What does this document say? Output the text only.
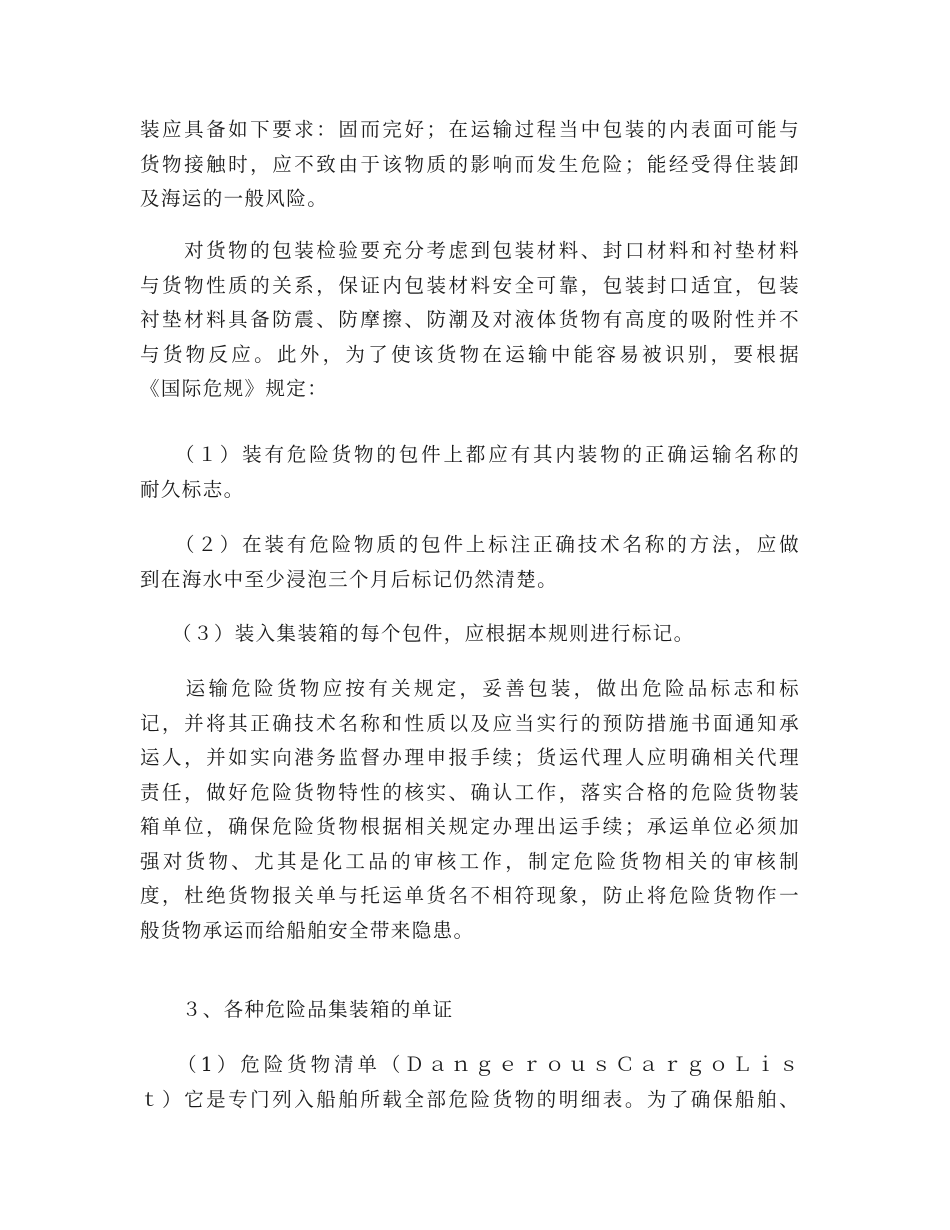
装应具备如下要求：固而完好；在运输过程当中包装的内表面可能与
货物接触时，应不致由于该物质的影响而发生危险；能经受得住装卸
及海运的一般风险。

　　对货物的包装检验要充分考虑到包装材料、封口材料和衬垫材料
与货物性质的关系，保证内包装材料安全可靠，包装封口适宜，包装
衬垫材料具备防震、防摩擦、防潮及对液体货物有高度的吸附性并不
与货物反应。此外，为了使该货物在运输中能容易被识别，要根据
《国际危规》规定：

　　（１）装有危险货物的包件上都应有其内装物的正确运输名称的
耐久标志。

　　（２）在装有危险物质的包件上标注正确技术名称的方法，应做
到在海水中至少浸泡三个月后标记仍然清楚。

　　（３）装入集装箱的每个包件，应根据本规则进行标记。

　　运输危险货物应按有关规定，妥善包装，做出危险品标志和标
记，并将其正确技术名称和性质以及应当实行的预防措施书面通知承
运人，并如实向港务监督办理申报手续；货运代理人应明确相关代理
责任，做好危险货物特性的核实、确认工作，落实合格的危险货物装
箱单位，确保危险货物根据相关规定办理出运手续；承运单位必须加
强对货物、尤其是化工品的审核工作，制定危险货物相关的审核制
度，杜绝货物报关单与托运单货名不相符现象，防止将危险货物作一
般货物承运而给船舶安全带来隐患。

　　３、各种危险品集装箱的单证

　　（1）危险货物清单（ＤａｎｇｅｒｏｕｓＣａｒｇｏＬｉｓ
ｔ）它是专门列入船舶所载全部危险货物的明细表。为了确保船舶、
